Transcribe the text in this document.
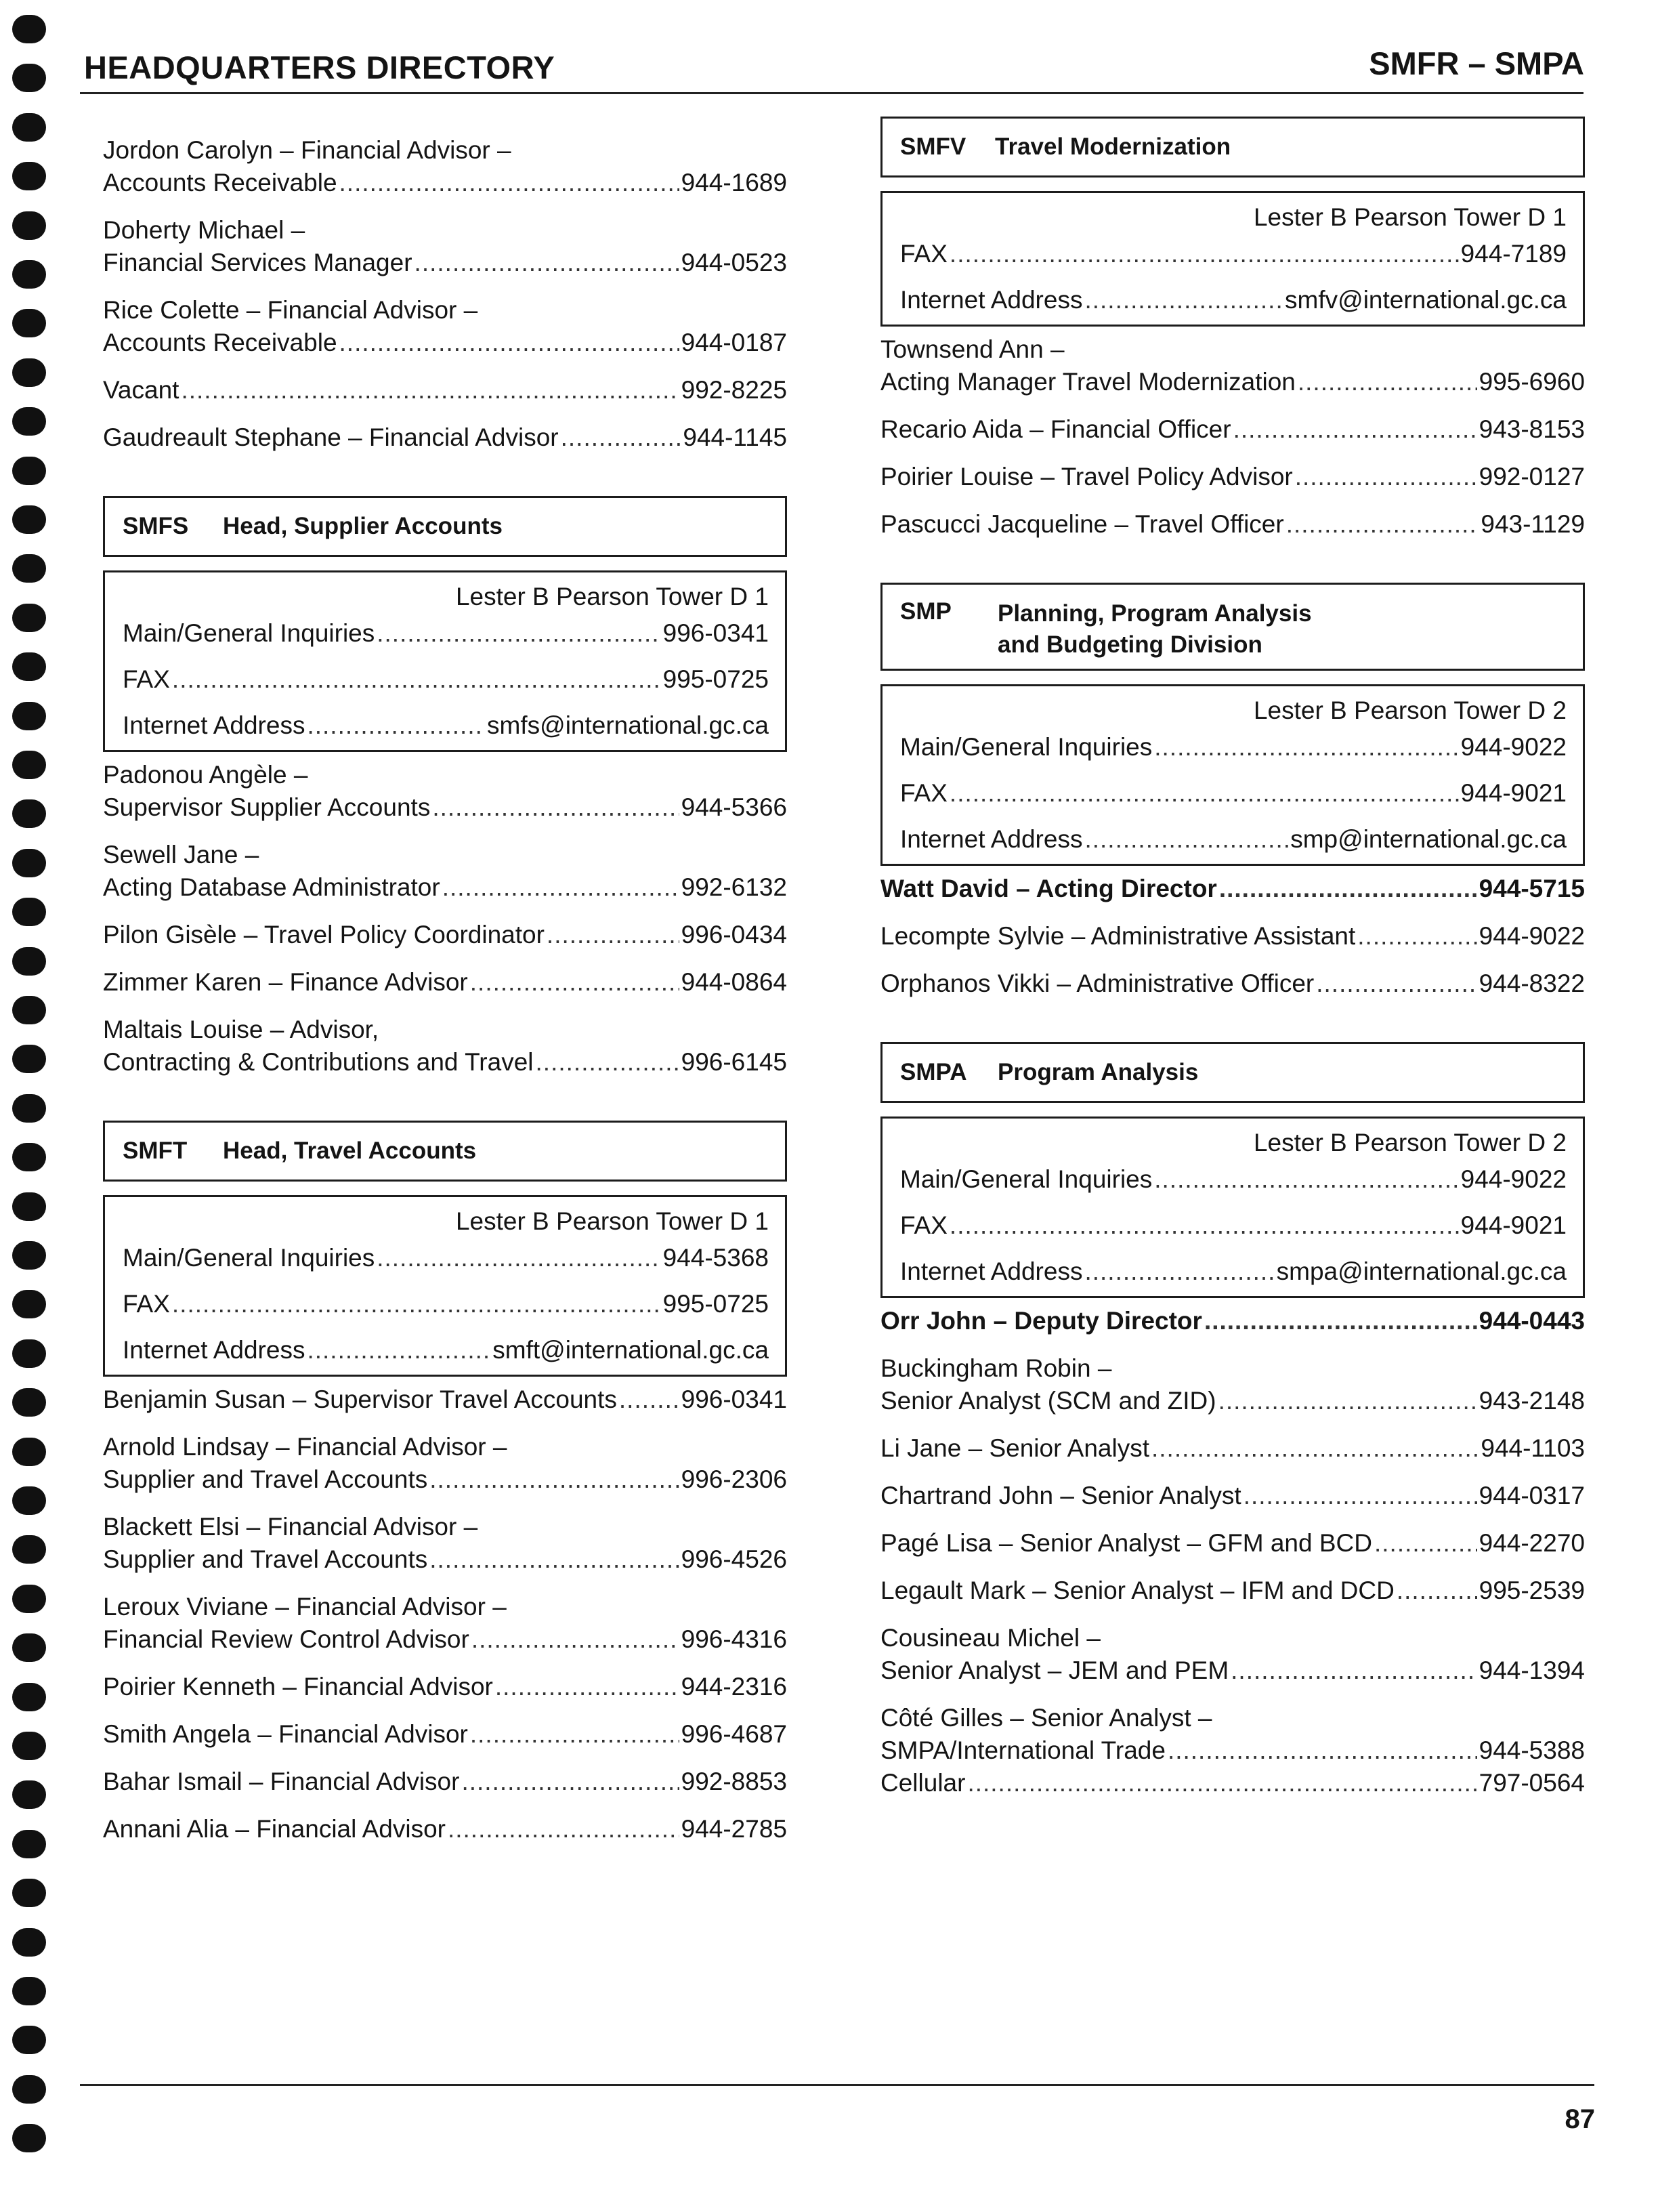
HEADQUARTERS DIRECTORY	SMFR – SMPA
Jordon Carolyn – Financial Advisor –
Accounts Receivable .....	944-1689
Doherty Michael –
Financial Services Manager .....	944-0523
Rice Colette – Financial Advisor –
Accounts Receivable .....	944-0187
Vacant .....	992-8225
Gaudreault Stephane – Financial Advisor .....	944-1145
SMFS	Head, Supplier Accounts
Lester B Pearson Tower D 1
Main/General Inquiries .....	996-0341
FAX .....	995-0725
Internet Address .....	smfs@international.gc.ca
Padonou Angèle –
Supervisor Supplier Accounts .....	944-5366
Sewell Jane –
Acting Database Administrator .....	992-6132
Pilon Gisèle – Travel Policy Coordinator .....	996-0434
Zimmer Karen – Finance Advisor .....	944-0864
Maltais Louise – Advisor,
Contracting & Contributions and Travel .....	996-6145
SMFT	Head, Travel Accounts
Lester B Pearson Tower D 1
Main/General Inquiries .....	944-5368
FAX .....	995-0725
Internet Address .....	smft@international.gc.ca
Benjamin Susan – Supervisor Travel Accounts .....	996-0341
Arnold Lindsay – Financial Advisor –
Supplier and Travel Accounts .....	996-2306
Blackett Elsi – Financial Advisor –
Supplier and Travel Accounts .....	996-4526
Leroux Viviane – Financial Advisor –
Financial Review Control Advisor .....	996-4316
Poirier Kenneth – Financial Advisor .....	944-2316
Smith Angela – Financial Advisor .....	996-4687
Bahar Ismail – Financial Advisor .....	992-8853
Annani Alia – Financial Advisor .....	944-2785
SMFV	Travel Modernization
Lester B Pearson Tower D 1
FAX .....	944-7189
Internet Address .....	smfv@international.gc.ca
Townsend Ann –
Acting Manager Travel Modernization .....	995-6960
Recario Aida – Financial Officer .....	943-8153
Poirier Louise – Travel Policy Advisor .....	992-0127
Pascucci Jacqueline – Travel Officer .....	943-1129
SMP	Planning, Program Analysis
and Budgeting Division
Lester B Pearson Tower D 2
Main/General Inquiries .....	944-9022
FAX .....	944-9021
Internet Address .....	smp@international.gc.ca
Watt David – Acting Director .....	944-5715
Lecompte Sylvie – Administrative Assistant .....	944-9022
Orphanos Vikki – Administrative Officer .....	944-8322
SMPA	Program Analysis
Lester B Pearson Tower D 2
Main/General Inquiries .....	944-9022
FAX .....	944-9021
Internet Address .....	smpa@international.gc.ca
Orr John – Deputy Director .....	944-0443
Buckingham Robin –
Senior Analyst (SCM and ZID) .....	943-2148
Li Jane – Senior Analyst .....	944-1103
Chartrand John – Senior Analyst .....	944-0317
Pagé Lisa – Senior Analyst – GFM and BCD .....	944-2270
Legault Mark – Senior Analyst – IFM and DCD .....	995-2539
Cousineau Michel –
Senior Analyst – JEM and PEM .....	944-1394
Côté Gilles – Senior Analyst –
SMPA/International Trade .....	944-5388
Cellular .....	797-0564
87
